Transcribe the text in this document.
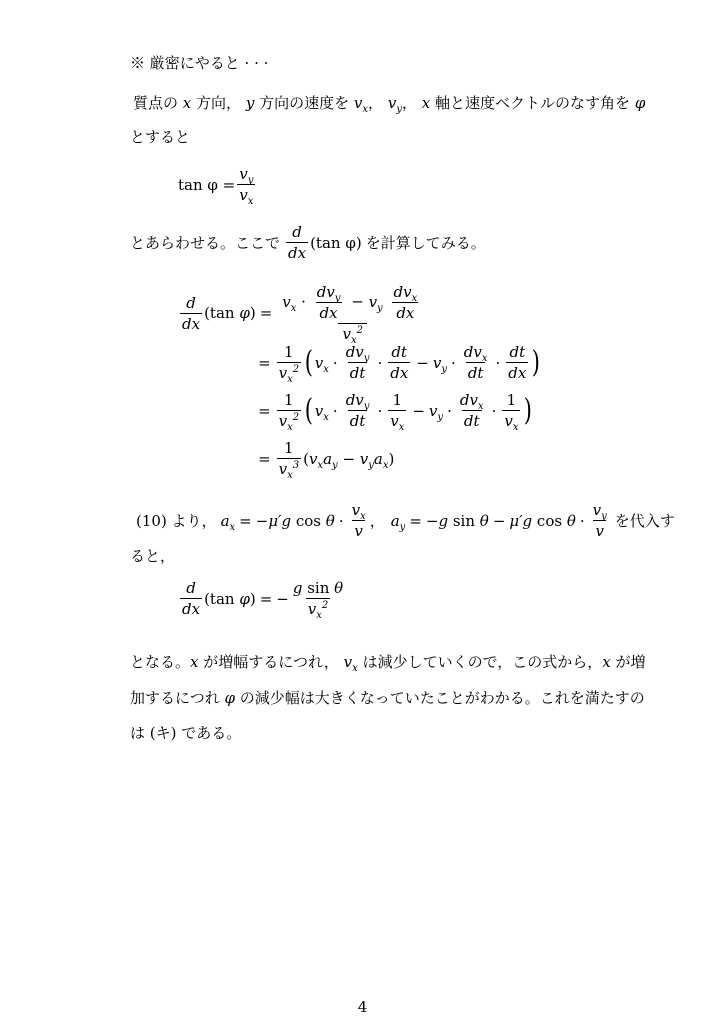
※ 厳密にやると · · ·
質点の x 方向， y 方向の速度を $v_x$， $v_y$， x 軸と速度ベクトルのなす角を φ
とすると
$\tan \varphi = \frac{v_y}{v_x}$
とあらわせる。ここで $\frac{d}{dx} (\tan$ φ) を計算してみる。
$\frac{d}{dx} (\tan$ $\varphi) = \frac{v_x \cdot \frac{dv_y}{dx} - v_y \frac{dv_x}{dx}}{v_x^2}$
= $\frac{1}{v_x^2}$ ( $v_x \cdot \frac{dv_y}{dt} \cdot \frac{dt}{dx} - v_y \cdot \frac{dv_x}{dt} \cdot \frac{dt}{dx}$ )
= $\frac{1}{v_x^2}$ ( $v_x \cdot \frac{dv_y}{dt} \cdot \frac{1}{v_x} - v_y \cdot \frac{dv_x}{dt} \cdot \frac{1}{v_x}$ )
= $\frac{1}{v_x^3} (v_xa_y - v_ya_x)$
(10) より， $a_x = -\mu'g$ $\cos \theta \cdot \frac{v_x}{v}$ ， $a_y = -g$ sin θ − μ′g $\cos \theta \cdot \frac{v_y}{v}$ を代入す
ると，
$\frac{d}{dx} (\tan$ φ) = − $\frac{\text{g sin θ}}{v_x^2}$
となる。x が増幅するにつれ， $v_x$ は減少していくので，この式から，x が増
加するにつれ φ の減少幅は大きくなっていたことがわかる。これを満たすの
は (キ) である。
4
